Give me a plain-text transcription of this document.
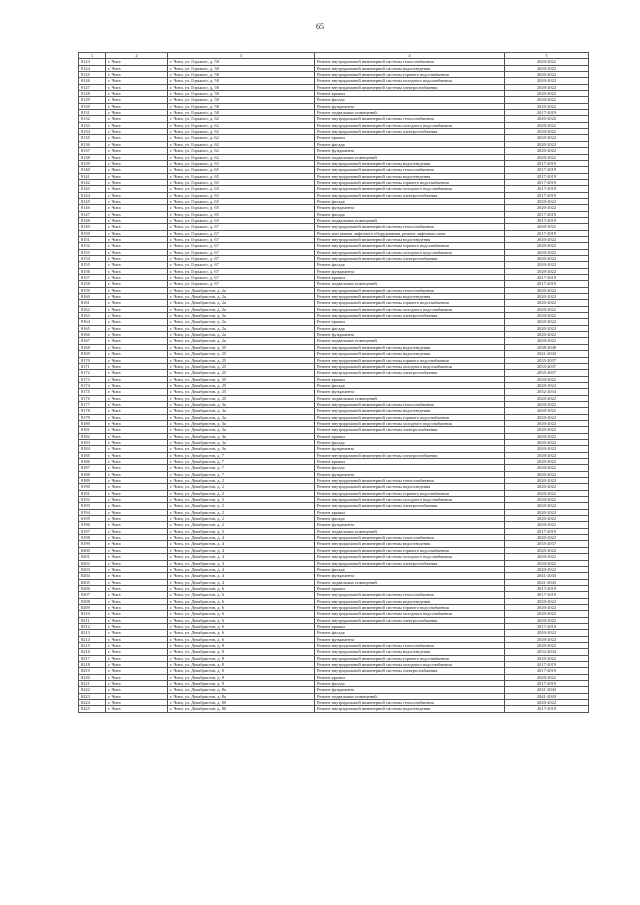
65
1	2	3	4	5
8123	г. Чита	г. Чита, ул. Горького, д. 58	Ремонт внутридомовой инженерной системы теплоснабжения	2020-2022
8124	г. Чита	г. Чита, ул. Горького, д. 58	Ремонт внутридомовой инженерной системы водоотведения	2020-2022
8125	г. Чита	г. Чита, ул. Горького, д. 58	Ремонт внутридомовой инженерной системы горячего водоснабжения	2020-2022
8126	г. Чита	г. Чита, ул. Горького, д. 58	Ремонт внутридомовой инженерной системы холодного водоснабжения	2020-2022
8127	г. Чита	г. Чита, ул. Горького, д. 58	Ремонт внутридомовой инженерной системы электроснабжения	2020-2022
8128	г. Чита	г. Чита, ул. Горького, д. 58	Ремонт крыши	2020-2022
8129	г. Чита	г. Чита, ул. Горького, д. 58	Ремонт фасада	2020-2022
8130	г. Чита	г. Чита, ул. Горького, д. 58	Ремонт фундамента	2020-2022
8131	г. Чита	г. Чита, ул. Горького, д. 58	Ремонт подвальных помещений	2017-2019
8132	г. Чита	г. Чита, ул. Горького, д. 62	Ремонт внутридомовой инженерной системы теплоснабжения	2020-2022
8133	г. Чита	г. Чита, ул. Горького, д. 62	Ремонт внутридомовой инженерной системы холодного водоснабжения	2020-2022
8134	г. Чита	г. Чита, ул. Горького, д. 62	Ремонт внутридомовой инженерной системы электроснабжения	2020-2022
8135	г. Чита	г. Чита, ул. Горького, д. 62	Ремонт крыши	2020-2022
8136	г. Чита	г. Чита, ул. Горького, д. 62	Ремонт фасада	2020-2022
8137	г. Чита	г. Чита, ул. Горького, д. 62	Ремонт фундамента	2020-2022
8138	г. Чита	г. Чита, ул. Горького, д. 62	Ремонт подвальных помещений	2020-2022
8139	г. Чита	г. Чита, ул. Горького, д. 65	Ремонт внутридомовой инженерной системы водоотведения	2017-2019
8140	г. Чита	г. Чита, ул. Горького, д. 65	Ремонт внутридомовой инженерной системы теплоснабжения	2017-2019
8141	г. Чита	г. Чита, ул. Горького, д. 65	Ремонт внутридомовой инженерной системы водоотведения	2017-2019
8142	г. Чита	г. Чита, ул. Горького, д. 65	Ремонт внутридомовой инженерной системы горячего водоснабжения	2017-2019
8143	г. Чита	г. Чита, ул. Горького, д. 65	Ремонт внутридомовой инженерной системы холодного водоснабжения	2017-2019
8144	г. Чита	г. Чита, ул. Горького, д. 65	Ремонт внутридомовой инженерной системы электроснабжения	2017-2019
8145	г. Чита	г. Чита, ул. Горького, д. 65	Ремонт фасада	2020-2022
8146	г. Чита	г. Чита, ул. Горького, д. 65	Ремонт фундамента	2020-2022
8147	г. Чита	г. Чита, ул. Горького, д. 65	Ремонт фасада	2017-2019
8148	г. Чита	г. Чита, ул. Горького, д. 65	Ремонт подвальных помещений	2017-2019
8149	г. Чита	г. Чита, ул. Горького, д. 67	Ремонт внутридомовой инженерной системы теплоснабжения	2020-2022
8150	г. Чита	г. Чита, ул. Горького, д. 67	Ремонт или замена лифтового оборудования, ремонт лифтовых шахт	2017-2019
8151	г. Чита	г. Чита, ул. Горького, д. 67	Ремонт внутридомовой инженерной системы водоотведения	2020-2022
8152	г. Чита	г. Чита, ул. Горького, д. 67	Ремонт внутридомовой инженерной системы горячего водоснабжения	2020-2022
8153	г. Чита	г. Чита, ул. Горького, д. 67	Ремонт внутридомовой инженерной системы холодного водоснабжения	2020-2022
8154	г. Чита	г. Чита, ул. Горького, д. 67	Ремонт внутридомовой инженерной системы электроснабжения	2020-2022
8155	г. Чита	г. Чита, ул. Горького, д. 67	Ремонт фасада	2020-2022
8156	г. Чита	г. Чита, ул. Горького, д. 67	Ремонт фундамента	2020-2022
8157	г. Чита	г. Чита, ул. Горького, д. 67	Ремонт крыши	2017-2019
8158	г. Чита	г. Чита, ул. Горького, д. 67	Ремонт подвальных помещений	2017-2019
8159	г. Чита	г. Чита, ул. Декабристов, д. 2а	Ремонт внутридомовой инженерной системы теплоснабжения	2020-2022
8160	г. Чита	г. Чита, ул. Декабристов, д. 2а	Ремонт внутридомовой инженерной системы водоотведения	2020-2022
8161	г. Чита	г. Чита, ул. Декабристов, д. 2а	Ремонт внутридомовой инженерной системы горячего водоснабжения	2020-2022
8162	г. Чита	г. Чита, ул. Декабристов, д. 2а	Ремонт внутридомовой инженерной системы холодного водоснабжения	2020-2022
8163	г. Чита	г. Чита, ул. Декабристов, д. 2а	Ремонт внутридомовой инженерной системы электроснабжения	2020-2022
8164	г. Чита	г. Чита, ул. Декабристов, д. 2а	Ремонт крыши	2020-2022
8165	г. Чита	г. Чита, ул. Декабристов, д. 2а	Ремонт фасада	2020-2022
8166	г. Чита	г. Чита, ул. Декабристов, д. 2а	Ремонт фундамента	2020-2022
8167	г. Чита	г. Чита, ул. Декабристов, д. 2а	Ремонт подвальных помещений	2020-2022
8168	г. Чита	г. Чита, ул. Декабристов, д. 25	Ремонт внутридомовой инженерной системы водоотведения	2038-2040
8169	г. Чита	г. Чита, ул. Декабристов, д. 25	Ремонт внутридомовой инженерной системы водоотведения	2041-2043
8170	г. Чита	г. Чита, ул. Декабристов, д. 25	Ремонт внутридомовой инженерной системы горячего водоснабжения	2035-2037
8171	г. Чита	г. Чита, ул. Декабристов, д. 25	Ремонт внутридомовой инженерной системы холодного водоснабжения	2035-2037
8172	г. Чита	г. Чита, ул. Декабристов, д. 25	Ремонт внутридомовой инженерной системы электроснабжения	2035-2037
8173	г. Чита	г. Чита, ул. Декабристов, д. 25	Ремонт крыши	2020-2022
8174	г. Чита	г. Чита, ул. Декабристов, д. 25	Ремонт фасада	2020-2022
8175	г. Чита	г. Чита, ул. Декабристов, д. 25	Ремонт фундамента	2032-2034
8176	г. Чита	г. Чита, ул. Декабристов, д. 25	Ремонт подвальных помещений	2020-2022
8177	г. Чита	г. Чита, ул. Декабристов, д. 3а	Ремонт внутридомовой инженерной системы теплоснабжения	2020-2022
8178	г. Чита	г. Чита, ул. Декабристов, д. 3а	Ремонт внутридомовой инженерной системы водоотведения	2020-2022
8179	г. Чита	г. Чита, ул. Декабристов, д. 3а	Ремонт внутридомовой инженерной системы горячего водоснабжения	2020-2022
8180	г. Чита	г. Чита, ул. Декабристов, д. 3а	Ремонт внутридомовой инженерной системы холодного водоснабжения	2020-2022
8181	г. Чита	г. Чита, ул. Декабристов, д. 3а	Ремонт внутридомовой инженерной системы электроснабжения	2020-2022
8182	г. Чита	г. Чита, ул. Декабристов, д. 3а	Ремонт крыши	2020-2022
8183	г. Чита	г. Чита, ул. Декабристов, д. 3а	Ремонт фасада	2020-2022
8184	г. Чита	г. Чита, ул. Декабристов, д. 3а	Ремонт фундамента	2020-2022
8185	г. Чита	г. Чита, ул. Декабристов, д. 7	Ремонт внутридомовой инженерной системы электроснабжения	2020-2022
8186	г. Чита	г. Чита, ул. Декабристов, д. 7	Ремонт крыши	2020-2022
8187	г. Чита	г. Чита, ул. Декабристов, д. 7	Ремонт фасада	2020-2022
8188	г. Чита	г. Чита, ул. Декабристов, д. 7	Ремонт фундамента	2020-2022
8189	г. Чита	г. Чита, ул. Декабристов, д. 2	Ремонт внутридомовой инженерной системы теплоснабжения	2020-2022
8190	г. Чита	г. Чита, ул. Декабристов, д. 2	Ремонт внутридомовой инженерной системы водоотведения	2020-2022
8191	г. Чита	г. Чита, ул. Декабристов, д. 2	Ремонт внутридомовой инженерной системы горячего водоснабжения	2020-2022
8192	г. Чита	г. Чита, ул. Декабристов, д. 2	Ремонт внутридомовой инженерной системы холодного водоснабжения	2020-2022
8193	г. Чита	г. Чита, ул. Декабристов, д. 2	Ремонт внутридомовой инженерной системы электроснабжения	2020-2022
8194	г. Чита	г. Чита, ул. Декабристов, д. 2	Ремонт крыши	2020-2022
8195	г. Чита	г. Чита, ул. Декабристов, д. 2	Ремонт фасада	2020-2022
8196	г. Чита	г. Чита, ул. Декабристов, д. 2	Ремонт фундамента	2020-2022
8197	г. Чита	г. Чита, ул. Декабристов, д. 2	Ремонт подвальных помещений	2017-2019
8198	г. Чита	г. Чита, ул. Декабристов, д. 4	Ремонт внутридомовой инженерной системы теплоснабжения	2020-2022
8199	г. Чита	г. Чита, ул. Декабристов, д. 4	Ремонт внутридомовой инженерной системы водоотведения	2035-2037
8200	г. Чита	г. Чита, ул. Декабристов, д. 4	Ремонт внутридомовой инженерной системы горячего водоснабжения	2020-2022
8201	г. Чита	г. Чита, ул. Декабристов, д. 4	Ремонт внутридомовой инженерной системы холодного водоснабжения	2020-2022
8202	г. Чита	г. Чита, ул. Декабристов, д. 4	Ремонт внутридомовой инженерной системы электроснабжения	2020-2022
8203	г. Чита	г. Чита, ул. Декабристов, д. 4	Ремонт фасада	2020-2022
8204	г. Чита	г. Чита, ул. Декабристов, д. 4	Ремонт фундамента	2041-2043
8205	г. Чита	г. Чита, ул. Декабристов, д. 4	Ремонт подвальных помещений	2041-2043
8206	г. Чита	г. Чита, ул. Декабристов, д. 6	Ремонт крыши	2017-2019
8207	г. Чита	г. Чита, ул. Декабристов, д. 6	Ремонт внутридомовой инженерной системы теплоснабжения	2017-2019
8208	г. Чита	г. Чита, ул. Декабристов, д. 6	Ремонт внутридомовой инженерной системы водоотведения	2020-2022
8209	г. Чита	г. Чита, ул. Декабристов, д. 6	Ремонт внутридомовой инженерной системы горячего водоснабжения	2020-2022
8210	г. Чита	г. Чита, ул. Декабристов, д. 6	Ремонт внутридомовой инженерной системы холодного водоснабжения	2020-2022
8211	г. Чита	г. Чита, ул. Декабристов, д. 6	Ремонт внутридомовой инженерной системы электроснабжения	2020-2022
8212	г. Чита	г. Чита, ул. Декабристов, д. 6	Ремонт крыши	2017-2019
8213	г. Чита	г. Чита, ул. Декабристов, д. 6	Ремонт фасада	2020-2022
8214	г. Чита	г. Чита, ул. Декабристов, д. 6	Ремонт фундамента	2020-2022
8215	г. Чита	г. Чита, ул. Декабристов, д. 8	Ремонт внутридомовой инженерной системы теплоснабжения	2020-2022
8216	г. Чита	г. Чита, ул. Декабристов, д. 8	Ремонт внутридомовой инженерной системы водоотведения	2032-2034
8217	г. Чита	г. Чита, ул. Декабристов, д. 8	Ремонт внутридомовой инженерной системы горячего водоснабжения	2020-2022
8218	г. Чита	г. Чита, ул. Декабристов, д. 8	Ремонт внутридомовой инженерной системы холодного водоснабжения	2017-2019
8219	г. Чита	г. Чита, ул. Декабристов, д. 8	Ремонт внутридомовой инженерной системы электроснабжения	2017-2019
8220	г. Чита	г. Чита, ул. Декабристов, д. 8	Ремонт крыши	2020-2022
8221	г. Чита	г. Чита, ул. Декабристов, д. 8	Ремонт фасада	2017-2019
8222	г. Чита	г. Чита, ул. Декабристов, д. 8а	Ремонт фундамента	2041-2043
8223	г. Чита	г. Чита, ул. Декабристов, д. 8а	Ремонт подвальных помещений	2041-2043
8224	г. Чита	г. Чита, ул. Декабристов, д. 8б	Ремонт внутридомовой инженерной системы теплоснабжения	2020-2022
8225	г. Чита	г. Чита, ул. Декабристов, д. 8б	Ремонт внутридомовой инженерной системы водоотведения	2017-2019
